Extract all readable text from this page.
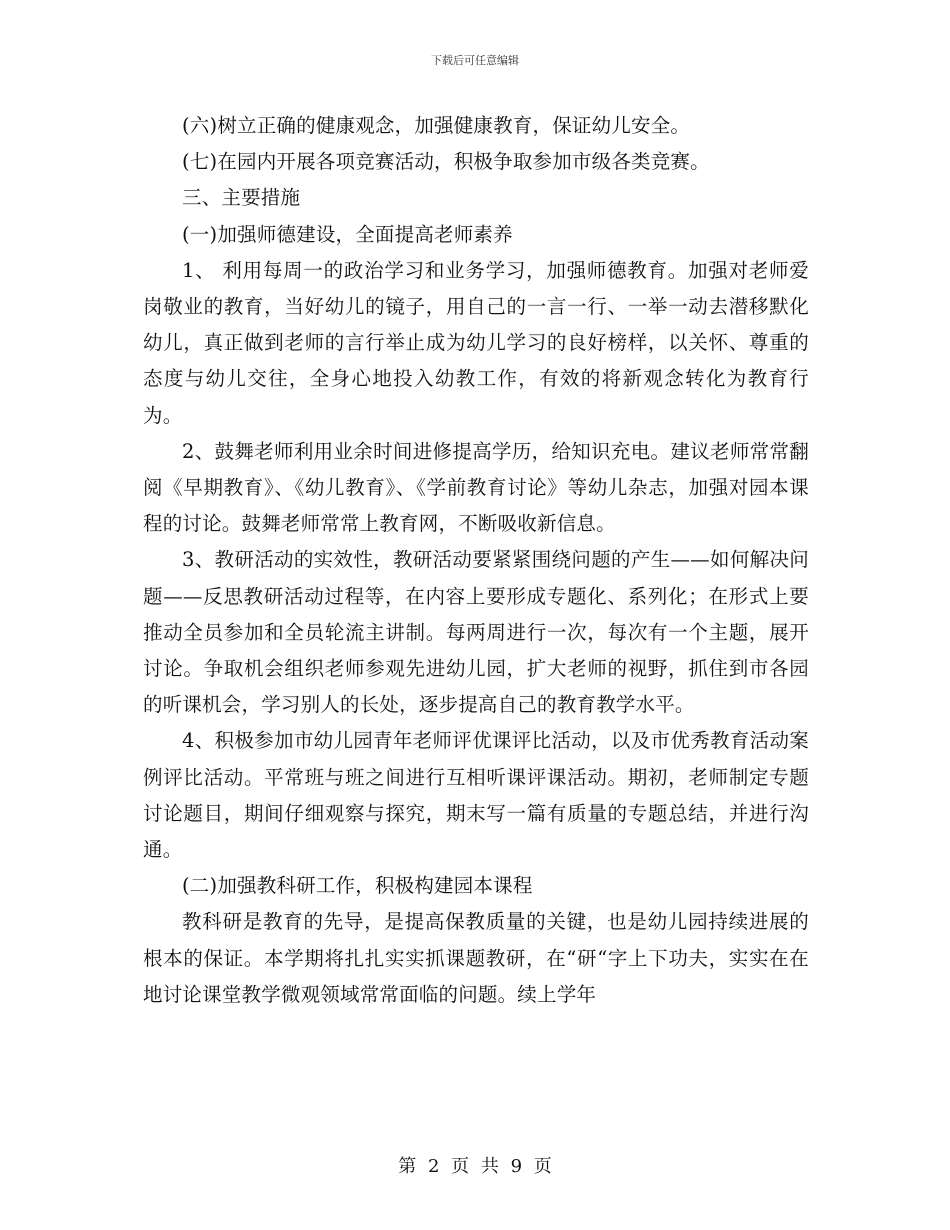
下载后可任意编辑

(六)树立正确的健康观念，加强健康教育，保证幼儿安全。

(七)在园内开展各项竞赛活动，积极争取参加市级各类竞赛。

三、主要措施

(一)加强师德建设，全面提高老师素养

1、 利用每周一的政治学习和业务学习，加强师德教育。加强对老师爱岗敬业的教育，当好幼儿的镜子，用自己的一言一行、一举一动去潜移默化幼儿，真正做到老师的言行举止成为幼儿学习的良好榜样，以关怀、尊重的态度与幼儿交往，全身心地投入幼教工作，有效的将新观念转化为教育行为。

2、鼓舞老师利用业余时间进修提高学历，给知识充电。建议老师常常翻阅《早期教育》、《幼儿教育》、《学前教育讨论》等幼儿杂志，加强对园本课程的讨论。鼓舞老师常常上教育网，不断吸收新信息。

3、教研活动的实效性，教研活动要紧紧围绕问题的产生——如何解决问题——反思教研活动过程等，在内容上要形成专题化、系列化；在形式上要推动全员参加和全员轮流主讲制。每两周进行一次，每次有一个主题，展开讨论。争取机会组织老师参观先进幼儿园，扩大老师的视野，抓住到市各园的听课机会，学习别人的长处，逐步提高自己的教育教学水平。

4、积极参加市幼儿园青年老师评优课评比活动，以及市优秀教育活动案例评比活动。平常班与班之间进行互相听课评课活动。期初，老师制定专题讨论题目，期间仔细观察与探究，期末写一篇有质量的专题总结，并进行沟通。

(二)加强教科研工作，积极构建园本课程

教科研是教育的先导，是提高保教质量的关键，也是幼儿园持续进展的根本的保证。本学期将扎扎实实抓课题教研，在“研“字上下功夫，实实在在地讨论课堂教学微观领域常常面临的问题。续上学年

第 2 页 共 9 页
